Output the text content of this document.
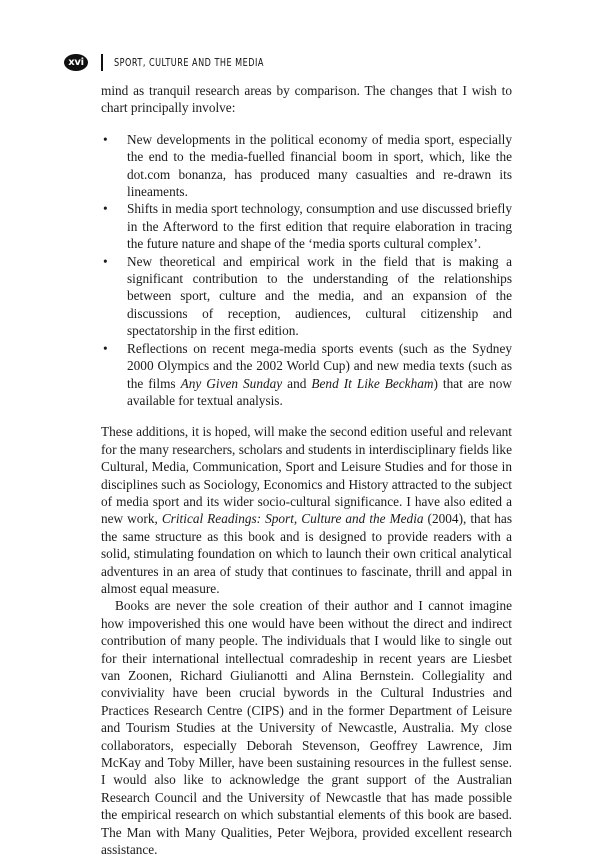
xvi	SPORT, CULTURE AND THE MEDIA

mind as tranquil research areas by comparison. The changes that I wish to chart principally involve:

• New developments in the political economy of media sport, especially the end to the media-fuelled financial boom in sport, which, like the dot.com bonanza, has produced many casualties and re-drawn its lineaments.
• Shifts in media sport technology, consumption and use discussed briefly in the Afterword to the first edition that require elaboration in tracing the future nature and shape of the ‘media sports cultural complex’.
• New theoretical and empirical work in the field that is making a significant contribution to the understanding of the relationships between sport, culture and the media, and an expansion of the discussions of reception, audiences, cultural citizenship and spectatorship in the first edition.
• Reflections on recent mega-media sports events (such as the Sydney 2000 Olympics and the 2002 World Cup) and new media texts (such as the films Any Given Sunday and Bend It Like Beckham) that are now available for textual analysis.

These additions, it is hoped, will make the second edition useful and relevant for the many researchers, scholars and students in interdisciplinary fields like Cultural, Media, Communication, Sport and Leisure Studies and for those in disciplines such as Sociology, Economics and History attracted to the subject of media sport and its wider socio-cultural significance. I have also edited a new work, Critical Readings: Sport, Culture and the Media (2004), that has the same structure as this book and is designed to provide readers with a solid, stimulating foundation on which to launch their own critical analytical adventures in an area of study that continues to fascinate, thrill and appal in almost equal measure.

Books are never the sole creation of their author and I cannot imagine how impoverished this one would have been without the direct and indirect contribution of many people. The individuals that I would like to single out for their international intellectual comradeship in recent years are Liesbet van Zoonen, Richard Giulianotti and Alina Bernstein. Collegiality and conviviality have been crucial bywords in the Cultural Industries and Practices Research Centre (CIPS) and in the former Department of Leisure and Tourism Studies at the University of Newcastle, Australia. My close collaborators, especially Deborah Stevenson, Geoffrey Lawrence, Jim McKay and Toby Miller, have been sustaining resources in the fullest sense. I would also like to acknowledge the grant support of the Australian Research Council and the University of Newcastle that has made possible the empirical research on which substantial elements of this book are based. The Man with Many Qualities, Peter Wejbora, provided excellent research assistance.
